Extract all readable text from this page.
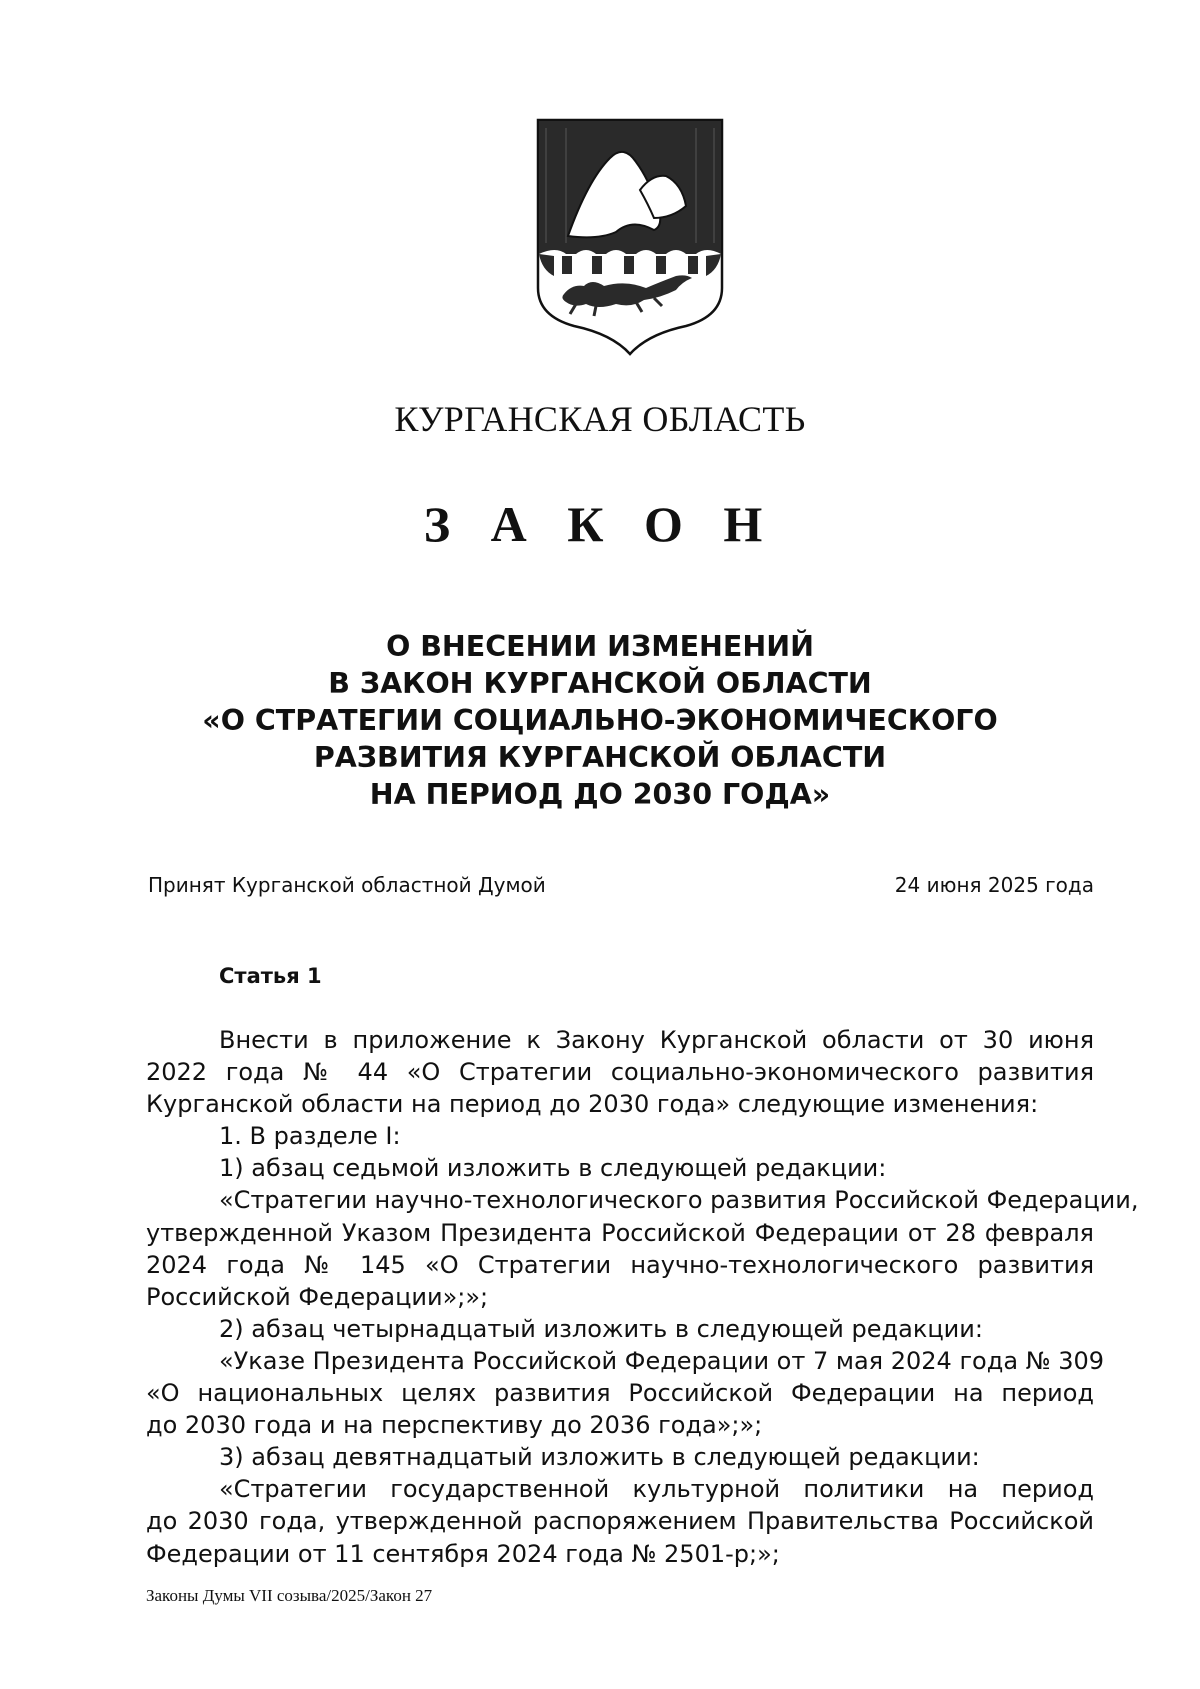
КУРГАНСКАЯ ОБЛАСТЬ
З А К О Н
О ВНЕСЕНИИ ИЗМЕНЕНИЙ
В ЗАКОН КУРГАНСКОЙ ОБЛАСТИ
«О СТРАТЕГИИ СОЦИАЛЬНО-ЭКОНОМИЧЕСКОГО
РАЗВИТИЯ КУРГАНСКОЙ ОБЛАСТИ
НА ПЕРИОД ДО 2030 ГОДА»
Принят Курганской областной Думой	24 июня 2025 года
Статья 1
Внести в приложение к Закону Курганской области от 30 июня
2022 года № 44 «О Стратегии социально-экономического развития
Курганской области на период до 2030 года» следующие изменения:
1. В разделе I:
1) абзац седьмой изложить в следующей редакции:
«Стратегии научно-технологического развития Российской Федерации,
утвержденной Указом Президента Российской Федерации от 28 февраля
2024 года № 145 «О Стратегии научно-технологического развития
Российской Федерации»;»;
2) абзац четырнадцатый изложить в следующей редакции:
«Указе Президента Российской Федерации от 7 мая 2024 года № 309
«О национальных целях развития Российской Федерации на период
до 2030 года и на перспективу до 2036 года»;»;
3) абзац девятнадцатый изложить в следующей редакции:
«Стратегии государственной культурной политики на период
до 2030 года, утвержденной распоряжением Правительства Российской
Федерации от 11 сентября 2024 года № 2501-р;»;
Законы Думы VII созыва/2025/Закон 27
